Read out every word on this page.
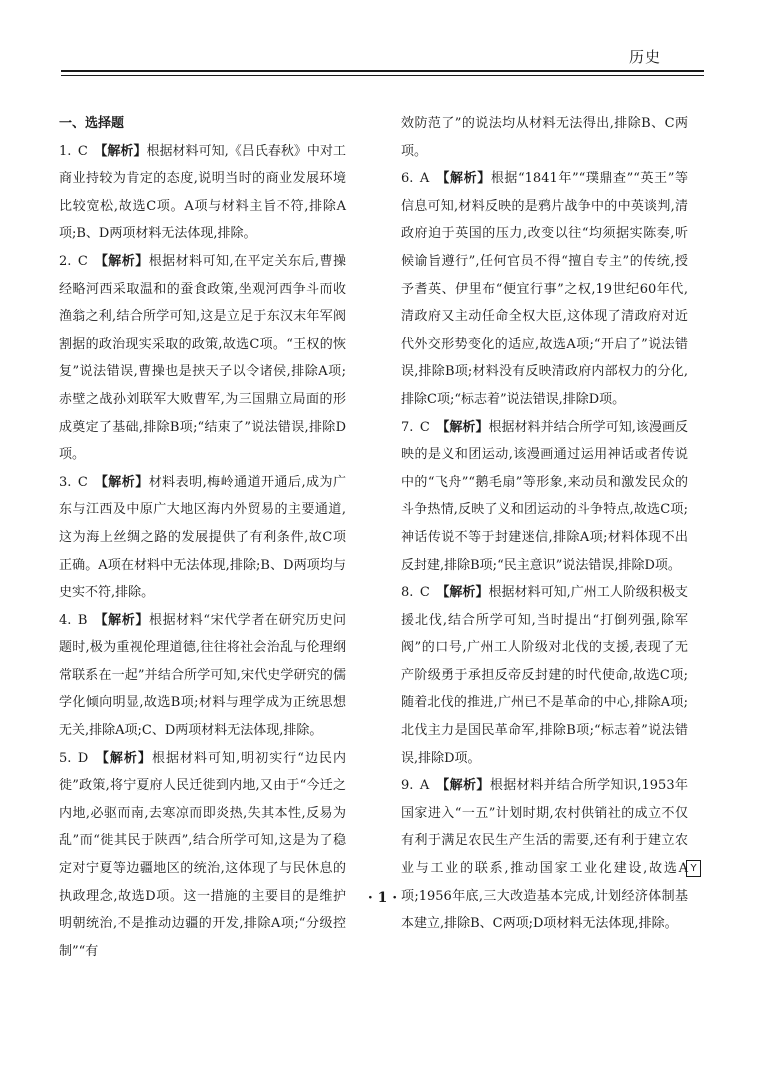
历史
一、选择题

1.  C  【解析】根据材料可知,《吕氏春秋》中对工商业持较为肯定的态度,说明当时的商业发展环境比较宽松,故选C项。A项与材料主旨不符,排除A项;B、D两项材料无法体现,排除。

2.  C  【解析】根据材料可知,在平定关东后,曹操经略河西采取温和的蚕食政策,坐观河西争斗而收渔翁之利,结合所学可知,这是立足于东汉末年军阀割据的政治现实采取的政策,故选C项。“王权的恢复”说法错误,曹操也是挟天子以令诸侯,排除A项;赤壁之战孙刘联军大败曹军,为三国鼎立局面的形成奠定了基础,排除B项;“结束了”说法错误,排除D项。

3.  C  【解析】材料表明,梅岭通道开通后,成为广东与江西及中原广大地区海内外贸易的主要通道,这为海上丝绸之路的发展提供了有利条件,故C项正确。A项在材料中无法体现,排除;B、D两项均与史实不符,排除。

4.  B  【解析】根据材料“宋代学者在研究历史问题时,极为重视伦理道德,往往将社会治乱与伦理纲常联系在一起”并结合所学可知,宋代史学研究的儒学化倾向明显,故选B项;材料与理学成为正统思想无关,排除A项;C、D两项材料无法体现,排除。

5.  D  【解析】根据材料可知,明初实行“边民内徙”政策,将宁夏府人民迁徙到内地,又由于“今迁之内地,必驱而南,去寒凉而即炎热,失其本性,反易为乱”而“徙其民于陕西”,结合所学可知,这是为了稳定对宁夏等边疆地区的统治,这体现了与民休息的执政理念,故选D项。这一措施的主要目的是维护明朝统治,不是推动边疆的开发,排除A项;“分级控制”“有

效防范了”的说法均从材料无法得出,排除B、C两项。

6.  A  【解析】根据“1841年”“璞鼎查”“英王”等信息可知,材料反映的是鸦片战争中的中英谈判,清政府迫于英国的压力,改变以往“均须据实陈奏,听候谕旨遵行”,任何官员不得“擅自专主”的传统,授予耆英、伊里布“便宜行事”之权,19世纪60年代,清政府又主动任命全权大臣,这体现了清政府对近代外交形势变化的适应,故选A项;“开启了”说法错误,排除B项;材料没有反映清政府内部权力的分化,排除C项;“标志着”说法错误,排除D项。

7.  C  【解析】根据材料并结合所学可知,该漫画反映的是义和团运动,该漫画通过运用神话或者传说中的“飞舟”“鹅毛扇”等形象,来动员和激发民众的斗争热情,反映了义和团运动的斗争特点,故选C项;神话传说不等于封建迷信,排除A项;材料体现不出反封建,排除B项;“民主意识”说法错误,排除D项。

8.  C  【解析】根据材料可知,广州工人阶级积极支援北伐,结合所学可知,当时提出“打倒列强,除军阀”的口号,广州工人阶级对北伐的支援,表现了无产阶级勇于承担反帝反封建的时代使命,故选C项;随着北伐的推进,广州已不是革命的中心,排除A项;北伐主力是国民革命军,排除B项;“标志着”说法错误,排除D项。

9.  A  【解析】根据材料并结合所学知识,1953年国家进入“一五”计划时期,农村供销社的成立不仅有利于满足农民生产生活的需要,还有利于建立农业与工业的联系,推动国家工业化建设,故选A项;1956年底,三大改造基本完成,计划经济体制基本建立,排除B、C两项;D项材料无法体现,排除。

Y
· 1 ·
